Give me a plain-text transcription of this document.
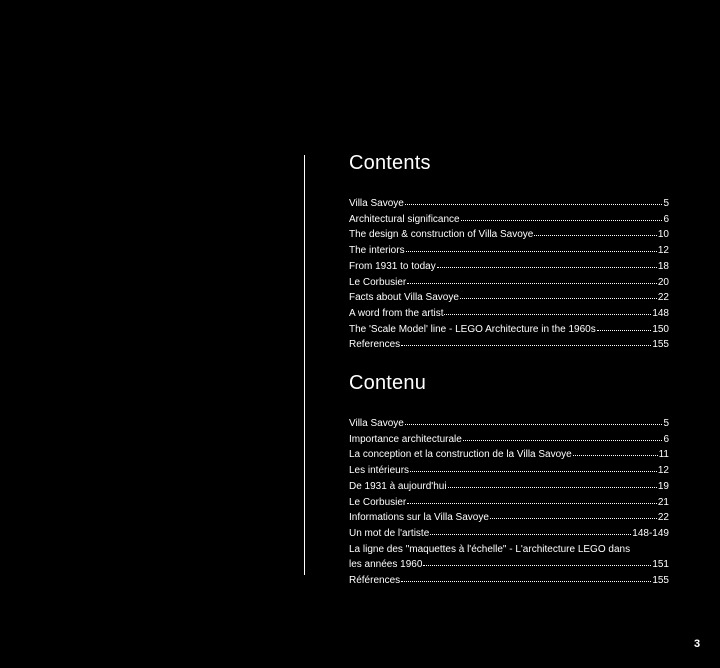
Contents
Villa Savoye	5
Architectural significance	6
The design & construction of Villa Savoye	10
The interiors	12
From 1931 to today	18
Le Corbusier	20
Facts about Villa Savoye	22
A word from the artist	148
The 'Scale Model' line - LEGO Architecture in the 1960s	150
References	155
Contenu
Villa Savoye	5
Importance architecturale	6
La conception et la construction de la Villa Savoye	11
Les intérieurs	12
De 1931 à aujourd'hui	19
Le Corbusier	21
Informations sur la Villa Savoye	22
Un mot de l'artiste	148-149
La ligne des "maquettes à l'échelle" - L'architecture LEGO dans
les années 1960	151
Références	155
3
